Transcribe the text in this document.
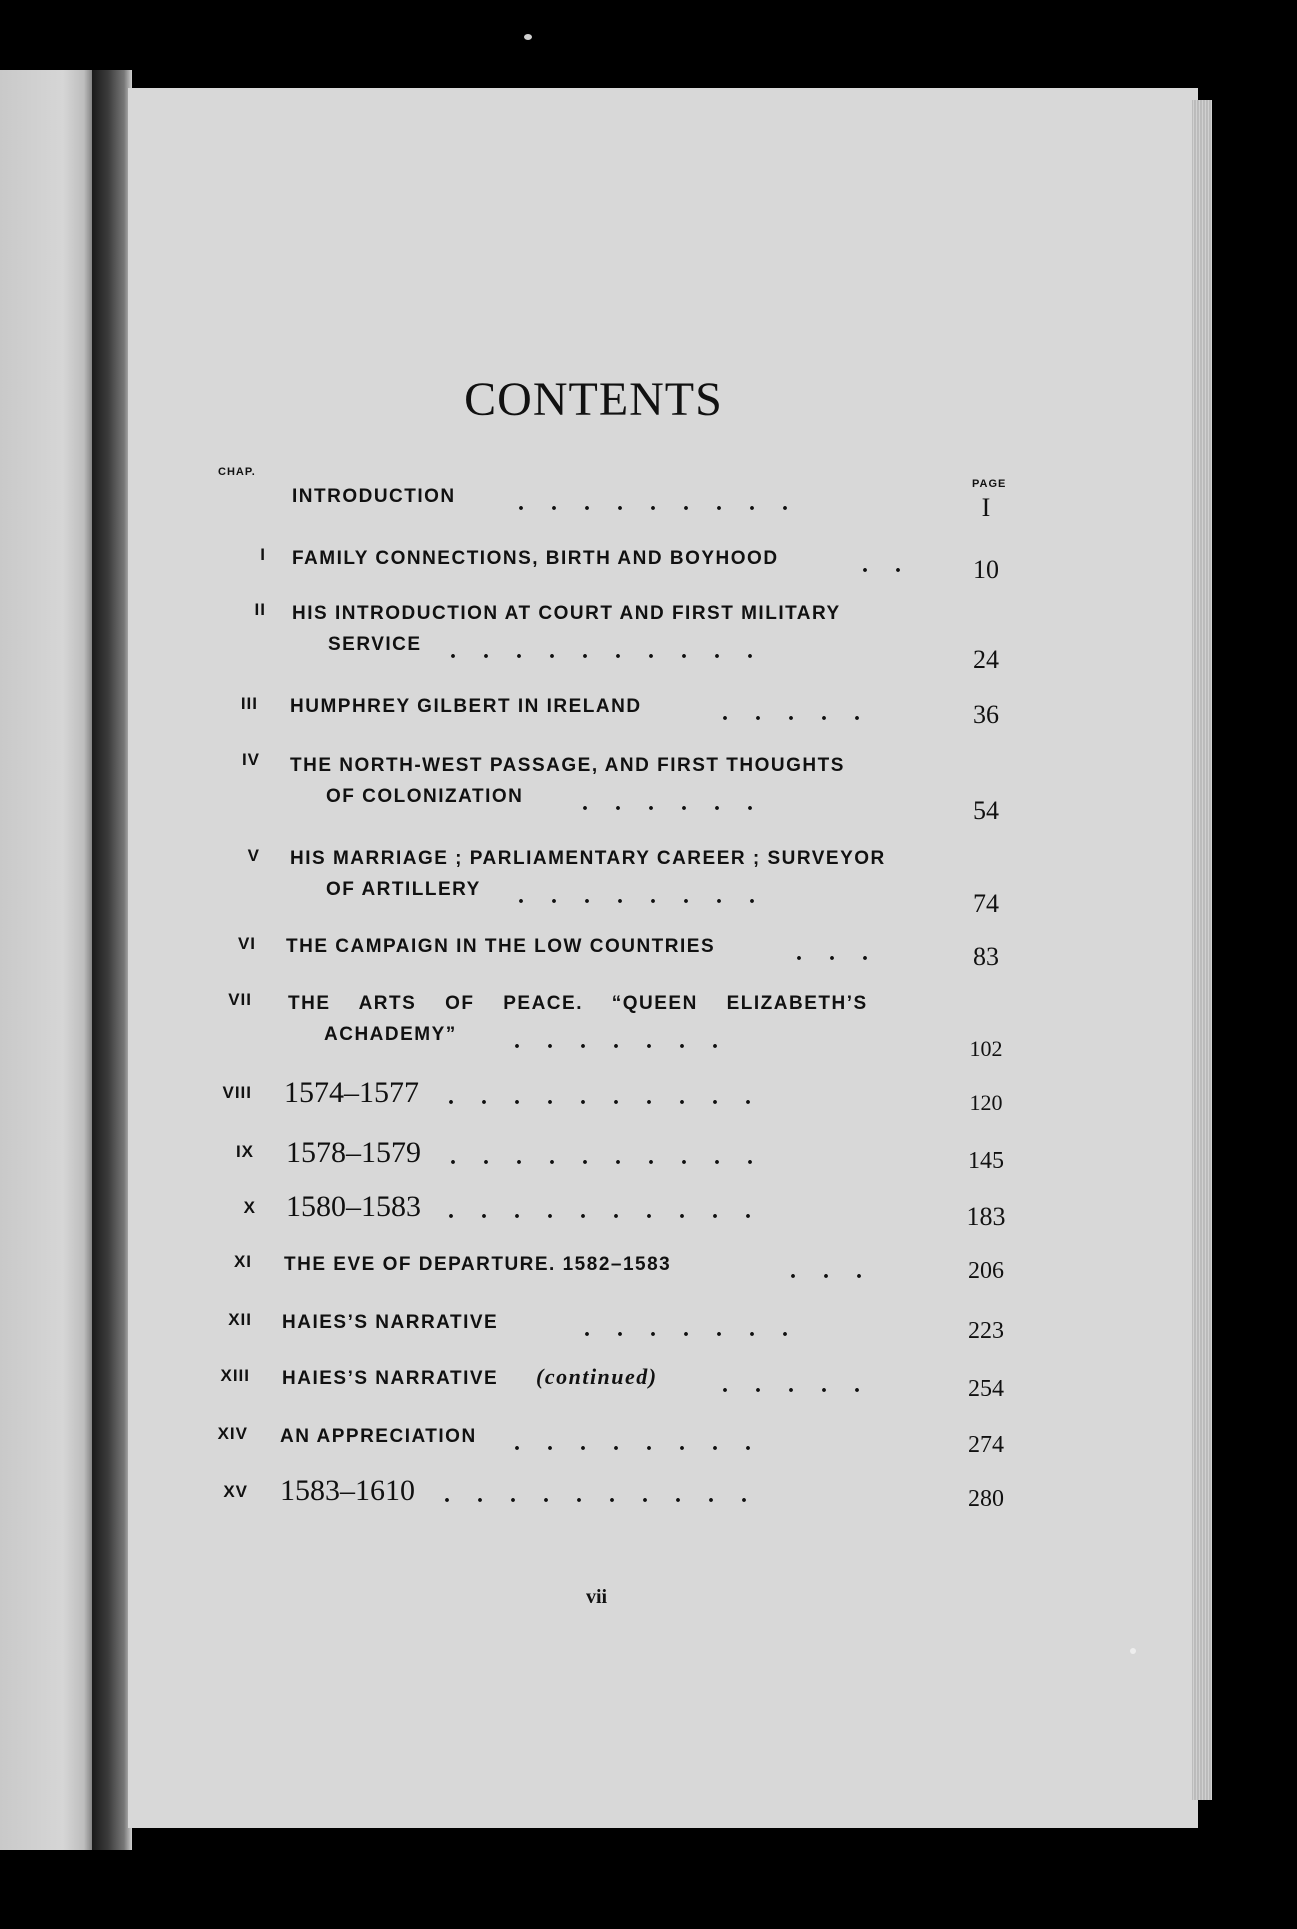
CONTENTS
CHAP.
PAGE
INTRODUCTION	.........	I
I FAMILY CONNECTIONS, BIRTH AND BOYHOOD	..	10
II HIS INTRODUCTION AT COURT AND FIRST MILITARY
SERVICE ..........	24
III HUMPHREY GILBERT IN IRELAND	.....	36
IV THE NORTH-WEST PASSAGE, AND FIRST THOUGHTS
OF COLONIZATION ......	54
V HIS MARRIAGE ; PARLIAMENTARY CAREER ; SURVEYOR
OF ARTILLERY ........	74
VI THE CAMPAIGN IN THE LOW COUNTRIES	...	83
VII THE ARTS OF PEACE. “QUEEN ELIZABETH’S
ACHADEMY” .......	102
VIII 1574–1577 ..........	120
IX 1578–1579 ..........	145
X 1580–1583 ..........	183
XI THE EVE OF DEPARTURE. 1582–1583	...	206
XII HAIES’S NARRATIVE	.......	223
XIII HAIES’S NARRATIVE (continued)	.....	254
XIV AN APPRECIATION ........	274
XV 1583–1610 ..........	280
vii
